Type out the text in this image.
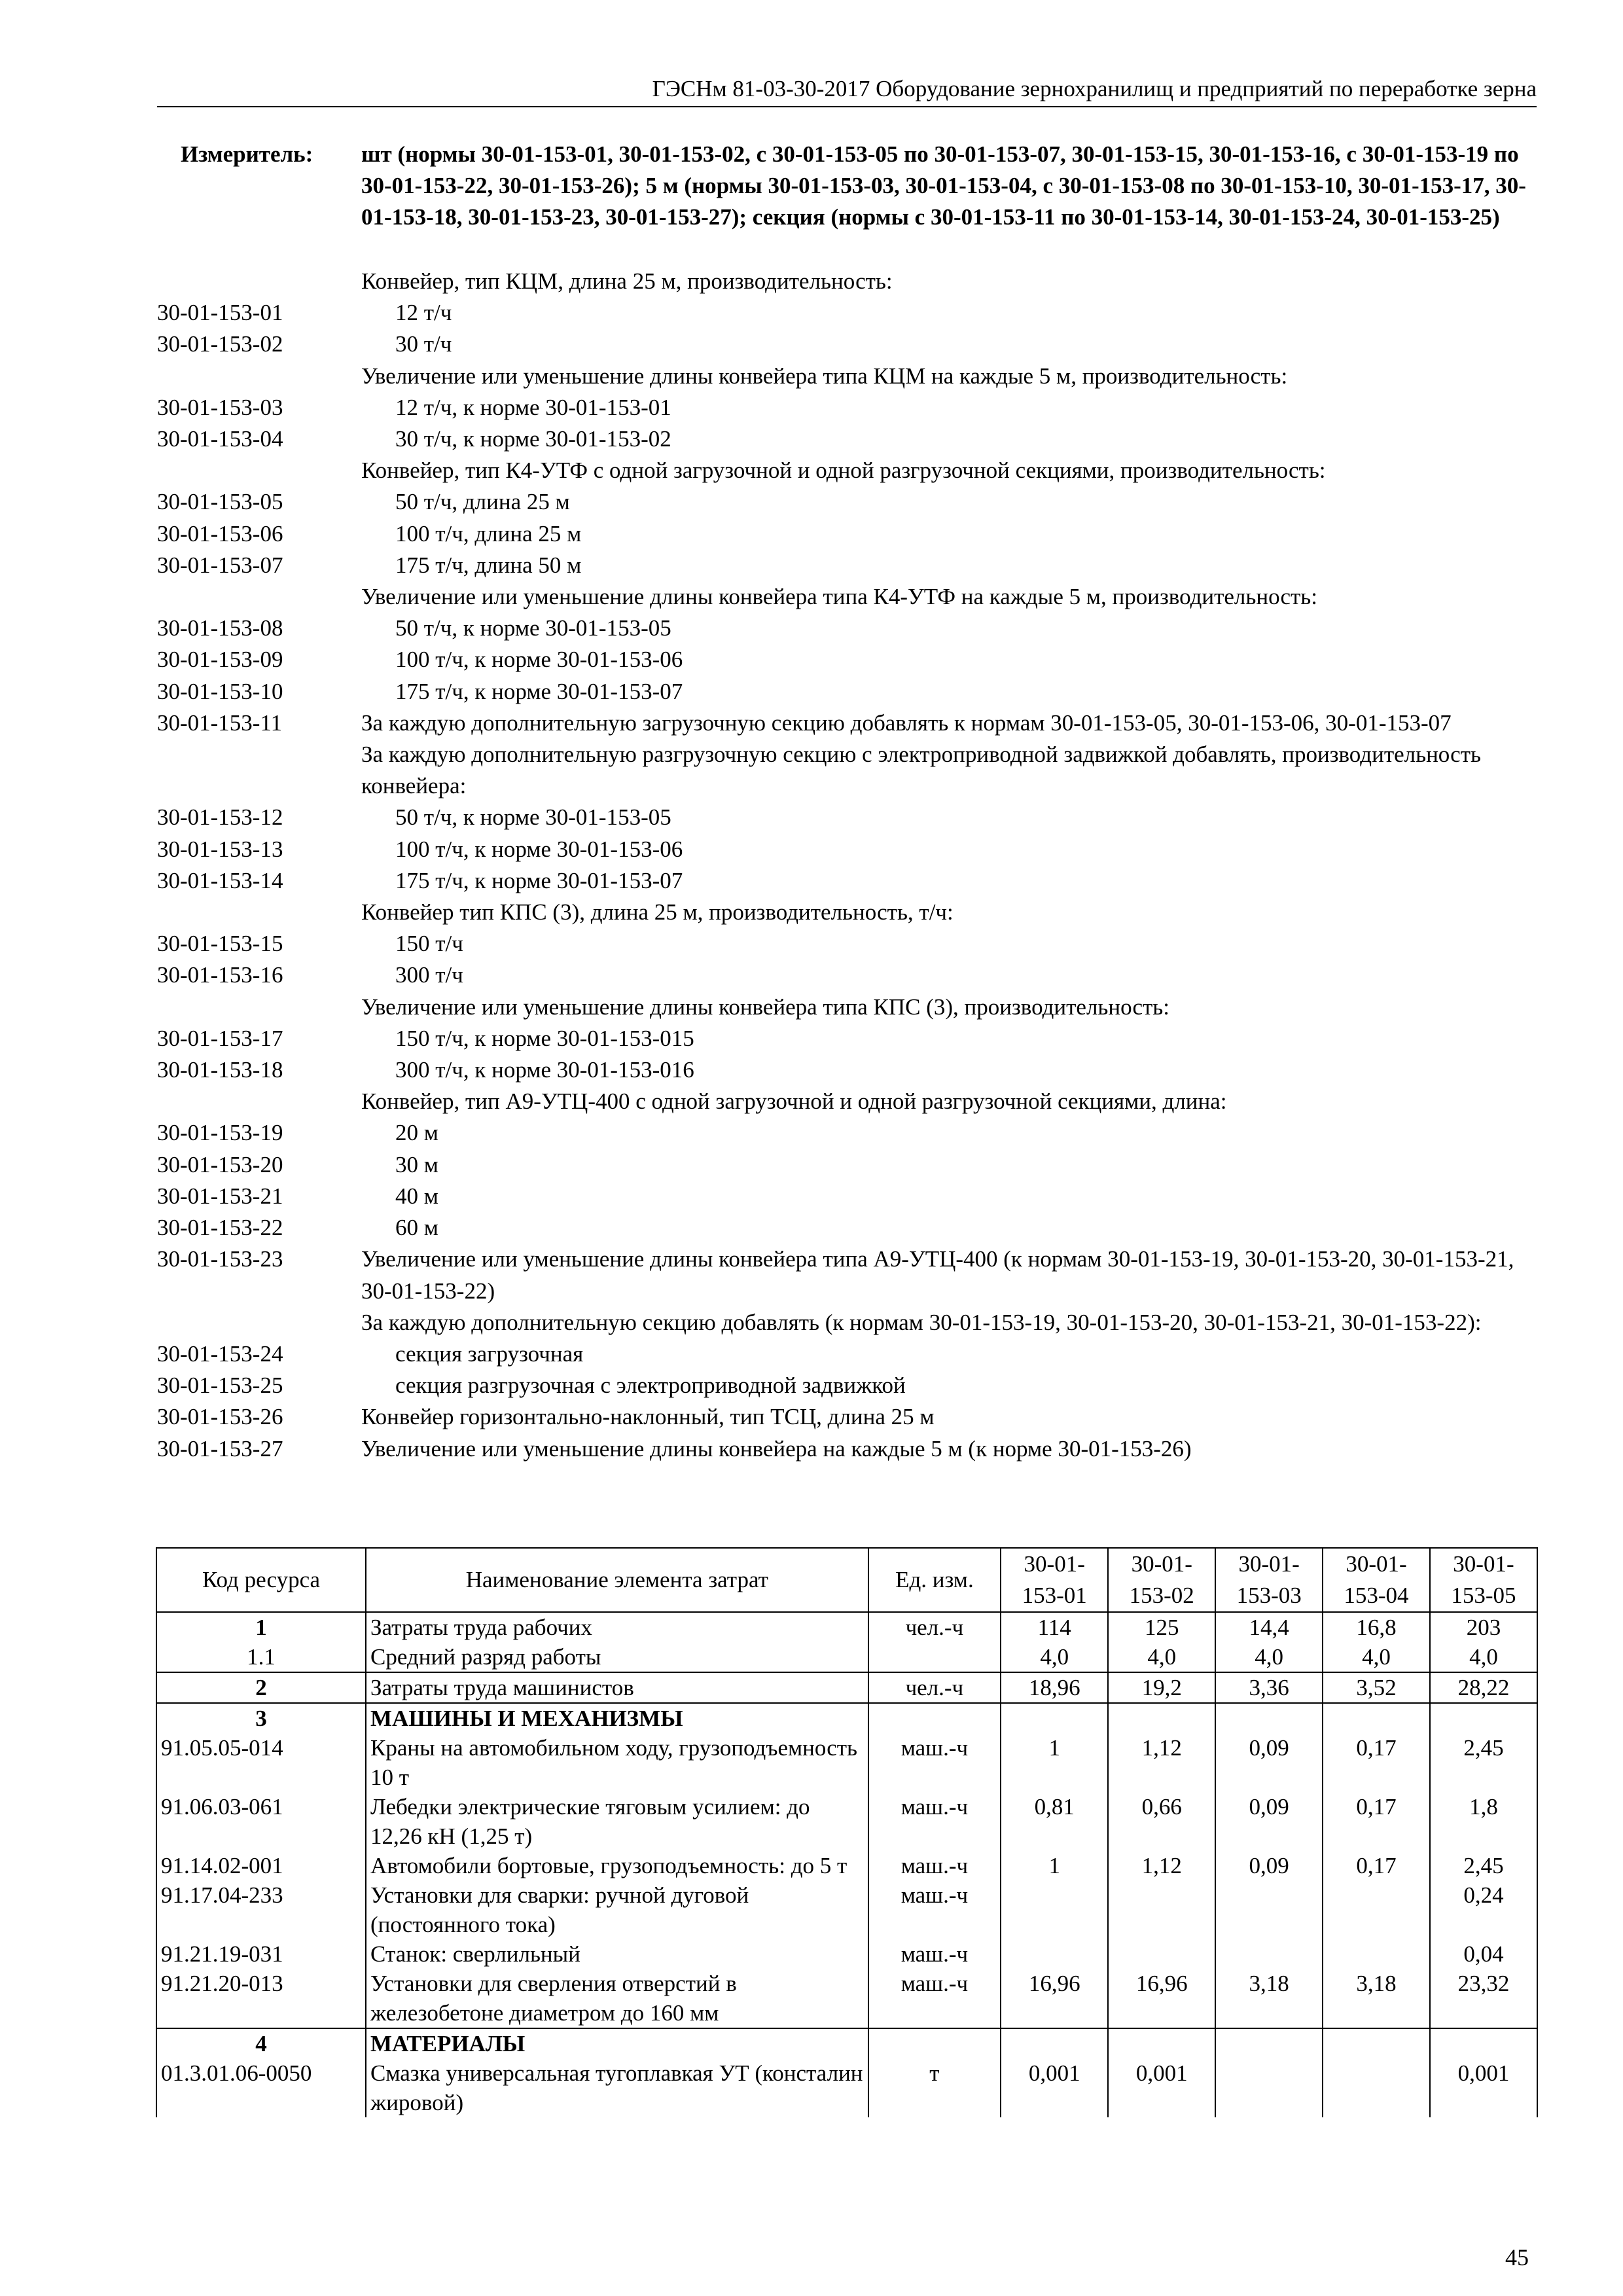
ГЭСНм 81-03-30-2017 Оборудование зернохранилищ и предприятий по переработке зерна
Измеритель: шт (нормы 30-01-153-01, 30-01-153-02, с 30-01-153-05 по 30-01-153-07, 30-01-153-15, 30-01-153-16, с 30-01-153-19 по 30-01-153-22, 30-01-153-26); 5 м (нормы 30-01-153-03, 30-01-153-04, с 30-01-153-08 по 30-01-153-10, 30-01-153-17, 30-01-153-18, 30-01-153-23, 30-01-153-27); секция (нормы с 30-01-153-11 по 30-01-153-14, 30-01-153-24, 30-01-153-25)
Конвейер, тип КЦМ, длина 25 м, производительность:
30-01-153-01	12 т/ч
30-01-153-02	30 т/ч
Увеличение или уменьшение длины конвейера типа КЦМ на каждые 5 м, производительность:
30-01-153-03	12 т/ч, к норме 30-01-153-01
30-01-153-04	30 т/ч, к норме 30-01-153-02
Конвейер, тип К4-УТФ с одной загрузочной и одной разгрузочной секциями, производительность:
30-01-153-05	50 т/ч, длина 25 м
30-01-153-06	100 т/ч, длина 25 м
30-01-153-07	175 т/ч, длина 50 м
Увеличение или уменьшение длины конвейера типа К4-УТФ на каждые 5 м, производительность:
30-01-153-08	50 т/ч, к норме 30-01-153-05
30-01-153-09	100 т/ч, к норме 30-01-153-06
30-01-153-10	175 т/ч, к норме 30-01-153-07
30-01-153-11	За каждую дополнительную загрузочную секцию добавлять к нормам 30-01-153-05, 30-01-153-06, 30-01-153-07
За каждую дополнительную разгрузочную секцию с электроприводной задвижкой добавлять, производительность конвейера:
30-01-153-12	50 т/ч, к норме 30-01-153-05
30-01-153-13	100 т/ч, к норме 30-01-153-06
30-01-153-14	175 т/ч, к норме 30-01-153-07
Конвейер тип КПС (3), длина 25 м, производительность, т/ч:
30-01-153-15	150 т/ч
30-01-153-16	300 т/ч
Увеличение или уменьшение длины конвейера типа КПС (3), производительность:
30-01-153-17	150 т/ч, к норме 30-01-153-015
30-01-153-18	300 т/ч, к норме 30-01-153-016
Конвейер, тип А9-УТЦ-400 с одной загрузочной и одной разгрузочной секциями, длина:
30-01-153-19	20 м
30-01-153-20	30 м
30-01-153-21	40 м
30-01-153-22	60 м
30-01-153-23	Увеличение или уменьшение длины конвейера типа А9-УТЦ-400 (к нормам 30-01-153-19, 30-01-153-20, 30-01-153-21, 30-01-153-22)
За каждую дополнительную секцию добавлять (к нормам 30-01-153-19, 30-01-153-20, 30-01-153-21, 30-01-153-22):
30-01-153-24	секция загрузочная
30-01-153-25	секция разгрузочная с электроприводной задвижкой
30-01-153-26	Конвейер горизонтально-наклонный, тип ТСЦ, длина 25 м
30-01-153-27	Увеличение или уменьшение длины конвейера на каждые 5 м (к норме 30-01-153-26)
Код ресурса	Наименование элемента затрат	Ед. изм.	30-01-153-01	30-01-153-02	30-01-153-03	30-01-153-04	30-01-153-05
1	Затраты труда рабочих	чел.-ч	114	125	14,4	16,8	203
1.1	Средний разряд работы		4,0	4,0	4,0	4,0	4,0
2	Затраты труда машинистов	чел.-ч	18,96	19,2	3,36	3,52	28,22
3	МАШИНЫ И МЕХАНИЗМЫ						
91.05.05-014	Краны на автомобильном ходу, грузоподъемность 10 т	маш.-ч	1	1,12	0,09	0,17	2,45
91.06.03-061	Лебедки электрические тяговым усилием: до 12,26 кН (1,25 т)	маш.-ч	0,81	0,66	0,09	0,17	1,8
91.14.02-001	Автомобили бортовые, грузоподъемность: до 5 т	маш.-ч	1	1,12	0,09	0,17	2,45
91.17.04-233	Установки для сварки: ручной дуговой (постоянного тока)	маш.-ч					0,24
91.21.19-031	Станок: сверлильный	маш.-ч					0,04
91.21.20-013	Установки для сверления отверстий в железобетоне диаметром до 160 мм	маш.-ч	16,96	16,96	3,18	3,18	23,32
4	МАТЕРИАЛЫ						
01.3.01.06-0050	Смазка универсальная тугоплавкая УТ (консталин жировой)	т	0,001	0,001			0,001
45
